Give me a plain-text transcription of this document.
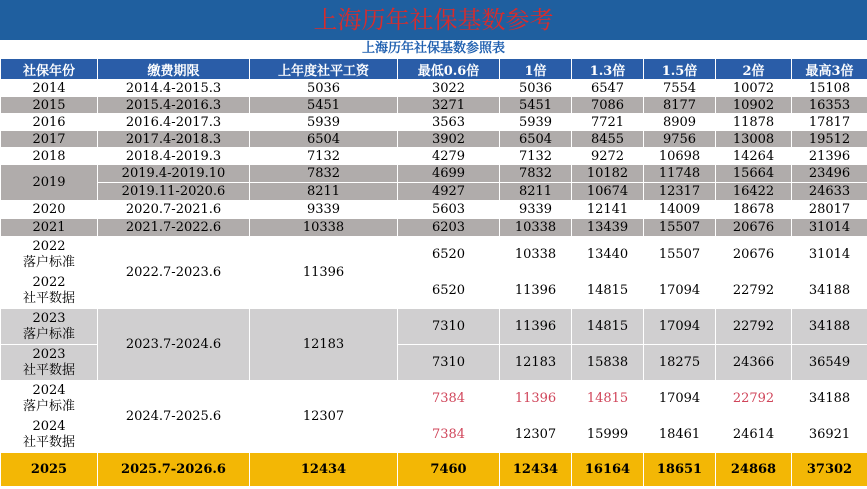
上海历年社保基数参考
上海历年社保基数参照表
社保年份	缴费期限	上年度社平工资	最低0.6倍	1倍	1.3倍	1.5倍	2倍	最高3倍
2014	2014.4-2015.3	5036	3022	5036	6547	7554	10072	15108
2015	2015.4-2016.3	5451	3271	5451	7086	8177	10902	16353
2016	2016.4-2017.3	5939	3563	5939	7721	8909	11878	17817
2017	2017.4-2018.3	6504	3902	6504	8455	9756	13008	19512
2018	2018.4-2019.3	7132	4279	7132	9272	10698	14264	21396
2019	2019.4-2019.10	7832	4699	7832	10182	11748	15664	23496
	2019.11-2020.6	8211	4927	8211	10674	12317	16422	24633
2020	2020.7-2021.6	9339	5603	9339	12141	14009	18678	28017
2021	2021.7-2022.6	10338	6203	10338	13439	15507	20676	31014

2022
落户标准	2022.7-2023.6	11396	6520	10338	13440	15507	20676	31014

2022
社平数据			6520	11396	14815	17094	22792	34188

2023
落户标准	2023.7-2024.6	12183	7310	11396	14815	17094	22792	34188

2023
社平数据			7310	12183	15838	18275	24366	36549

2024
落户标准	2024.7-2025.6	12307	7384	11396	14815	17094	22792	34188

2024
社平数据			7384	12307	15999	18461	24614	36921
2025	2025.7-2026.6	12434	7460	12434	16164	18651	24868	37302
